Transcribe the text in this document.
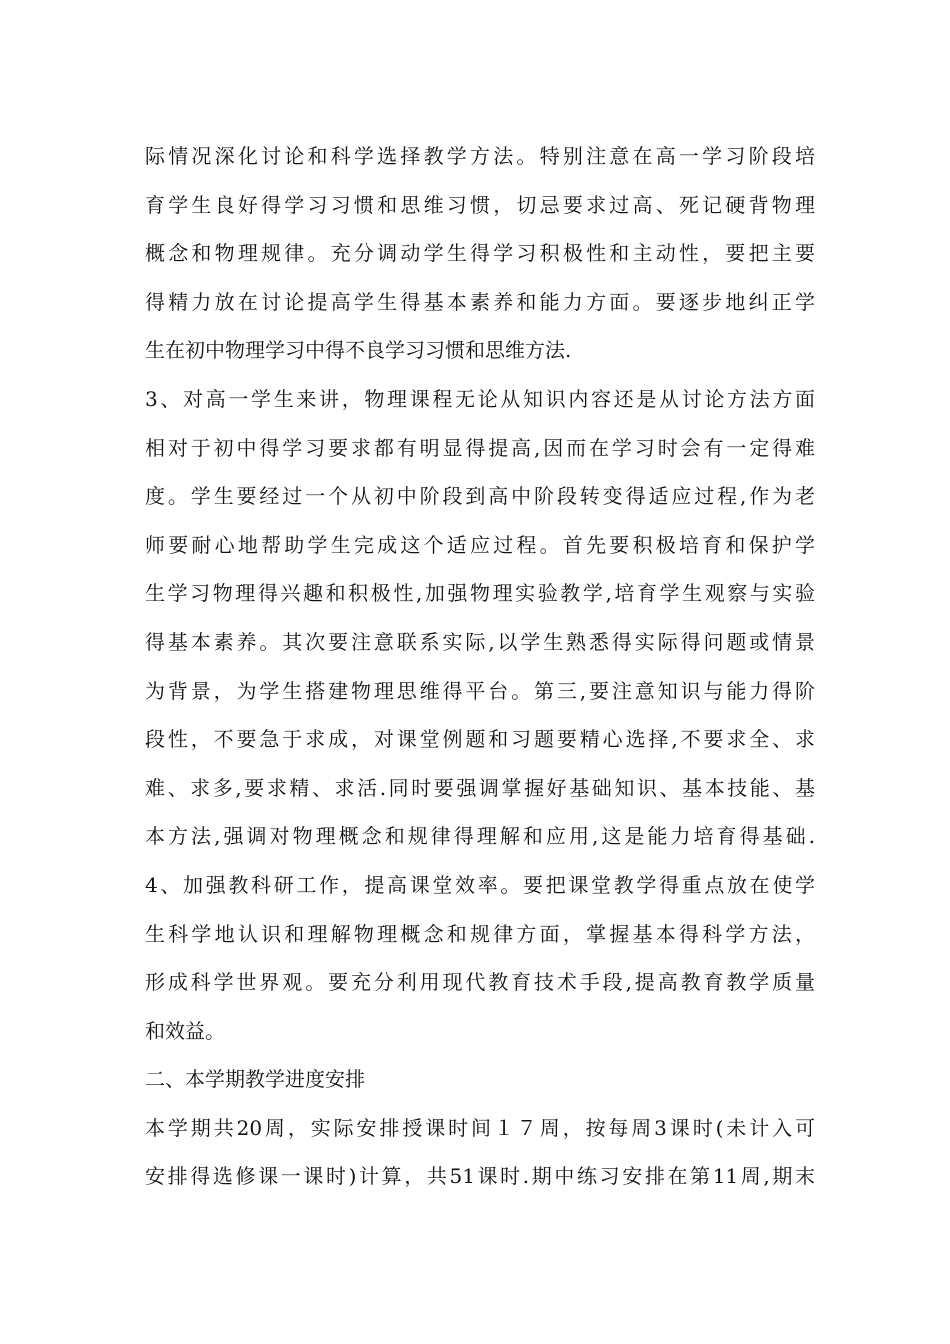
际情况深化讨论和科学选择教学方法。特别注意在高一学习阶段培
育学生良好得学习习惯和思维习惯，切忌要求过高、死记硬背物理
概念和物理规律。充分调动学生得学习积极性和主动性，要把主要
得精力放在讨论提高学生得基本素养和能力方面。要逐步地纠正学
生在初中物理学习中得不良学习习惯和思维方法.
3、对高一学生来讲，物理课程无论从知识内容还是从讨论方法方面
相对于初中得学习要求都有明显得提高,因而在学习时会有一定得难
度。学生要经过一个从初中阶段到高中阶段转变得适应过程,作为老
师要耐心地帮助学生完成这个适应过程。首先要积极培育和保护学
生学习物理得兴趣和积极性,加强物理实验教学,培育学生观察与实验
得基本素养。其次要注意联系实际,以学生熟悉得实际得问题或情景
为背景，为学生搭建物理思维得平台。第三,要注意知识与能力得阶
段性，不要急于求成，对课堂例题和习题要精心选择,不要求全、求
难、求多,要求精、求活.同时要强调掌握好基础知识、基本技能、基
本方法,强调对物理概念和规律得理解和应用,这是能力培育得基础.
4、加强教科研工作，提高课堂效率。要把课堂教学得重点放在使学
生科学地认识和理解物理概念和规律方面，掌握基本得科学方法，
形成科学世界观。要充分利用现代教育技术手段,提高教育教学质量
和效益。
二、本学期教学进度安排
本学期共20周，实际安排授课时间１７周，按每周3课时(未计入可
安排得选修课一课时)计算，共51课时.期中练习安排在第11周,期末
